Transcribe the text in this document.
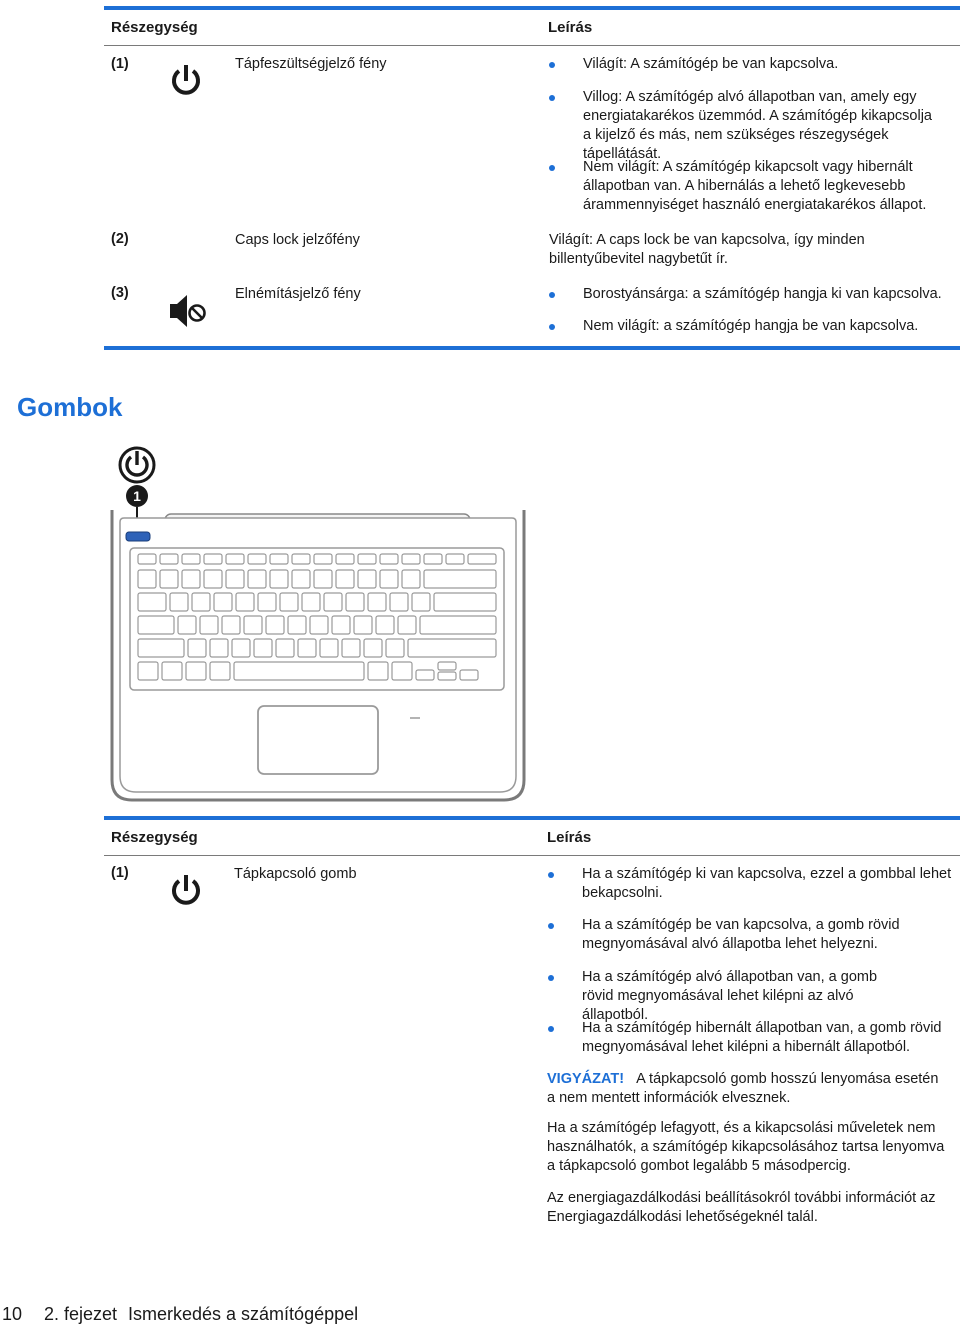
Részegység	Leírás
(1)	Tápfeszültségjelző fény	Világít: A számítógép be van kapcsolva.
Villog: A számítógép alvó állapotban van, amely egy energiatakarékos üzemmód. A számítógép kikapcsolja a kijelző és más, nem szükséges részegységek tápellátását.
Nem világít: A számítógép kikapcsolt vagy hibernált állapotban van. A hibernálás a lehető legkevesebb árammennyiséget használó energiatakarékos állapot.
(2)	Caps lock jelzőfény	Világít: A caps lock be van kapcsolva, így minden billentyűbevitel nagybetűt ír.
(3)	Elnémításjelző fény	Borostyánsárga: a számítógép hangja ki van kapcsolva.
Nem világít: a számítógép hangja be van kapcsolva.
Gombok
1
Részegység	Leírás
(1)	Tápkapcsoló gomb	Ha a számítógép ki van kapcsolva, ezzel a gombbal lehet bekapcsolni.
Ha a számítógép be van kapcsolva, a gomb rövid megnyomásával alvó állapotba lehet helyezni.
Ha a számítógép alvó állapotban van, a gomb rövid megnyomásával lehet kilépni az alvó állapotból.
Ha a számítógép hibernált állapotban van, a gomb rövid megnyomásával lehet kilépni a hibernált állapotból.
VIGYÁZAT! A tápkapcsoló gomb hosszú lenyomása esetén a nem mentett információk elvesznek.
Ha a számítógép lefagyott, és a kikapcsolási műveletek nem használhatók, a számítógép kikapcsolásához tartsa lenyomva a tápkapcsoló gombot legalább 5 másodpercig.
Az energiagazdálkodási beállításokról további információt az Energiagazdálkodási lehetőségeknél talál.
10 2. fejezet Ismerkedés a számítógéppel
